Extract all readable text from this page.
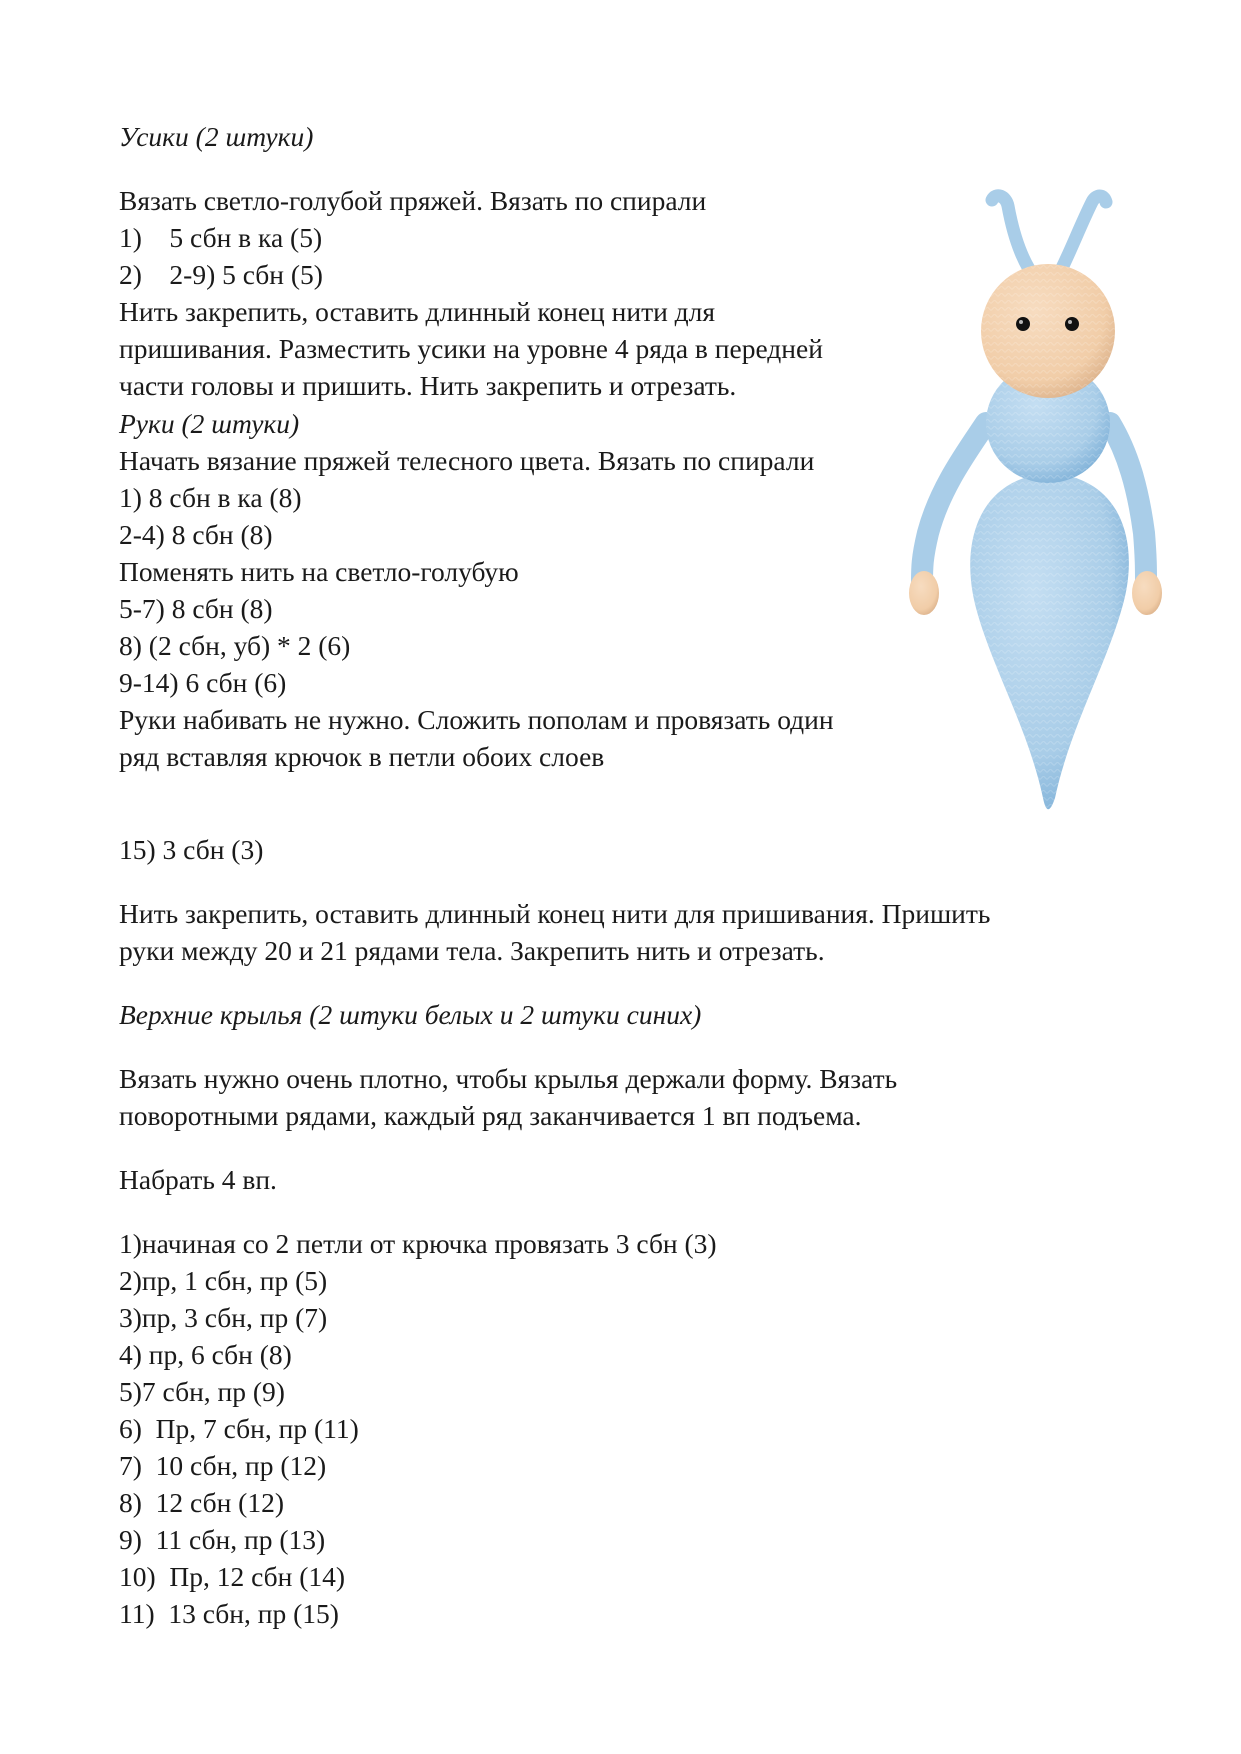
Усики (2 штуки)

Вязать светло-голубой пряжей. Вязать по спирали

1)    5 сбн в ка (5)

2)    2-9) 5 сбн (5)

Нить закрепить, оставить длинный конец нити для

пришивания. Разместить усики на уровне 4 ряда в передней

части головы и пришить. Нить закрепить и отрезать.

Руки (2 штуки)

Начать вязание пряжей телесного цвета. Вязать по спирали

1) 8 сбн в ка (8)

2-4) 8 сбн (8)

Поменять нить на светло-голубую

5-7) 8 сбн (8)

8) (2 сбн, уб) * 2 (6)

9-14) 6 сбн (6)

Руки набивать не нужно. Сложить пополам и провязать один

ряд вставляя крючок в петли обоих слоев

15) 3 сбн (3)

Нить закрепить, оставить длинный конец нити для пришивания. Пришить

руки между 20 и 21 рядами тела. Закрепить нить и отрезать.

Верхние крылья (2 штуки белых и 2 штуки синих)

Вязать нужно очень плотно, чтобы крылья держали форму. Вязать

поворотными рядами, каждый ряд заканчивается 1 вп подъема.

Набрать 4 вп.

1)начиная со 2 петли от крючка провязать 3 сбн (3)

2)пр, 1 сбн, пр (5)

3)пр, 3 сбн, пр (7)

4) пр, 6 сбн (8)

5)7 сбн, пр (9)

6)  Пр, 7 сбн, пр (11)

7)  10 сбн, пр (12)

8)  12 сбн (12)

9)  11 сбн, пр (13)

10)  Пр, 12 сбн (14)

11)  13 сбн, пр (15)
